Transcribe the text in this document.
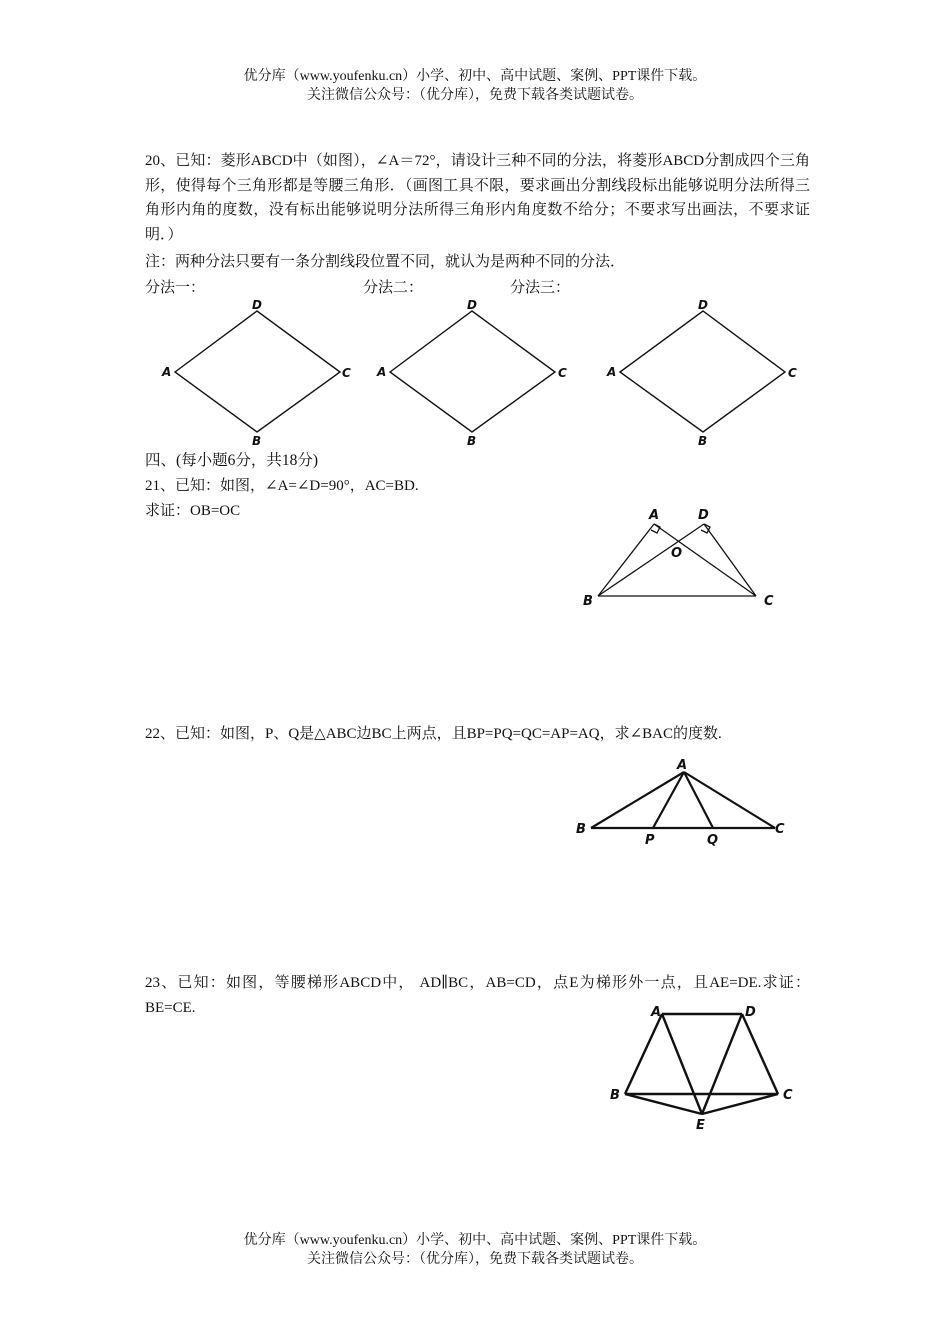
优分库（www.youfenku.cn）小学、初中、高中试题、案例、PPT课件下载。
关注微信公众号：（优分库），免费下载各类试题试卷。
20、已知：菱形ABCD中（如图），∠A＝72°，请设计三种不同的分法，将菱形ABCD分割成四个三角形，使得每个三角形都是等腰三角形．（画图工具不限，要求画出分割线段标出能够说明分法所得三角形内角的度数，没有标出能够说明分法所得三角形内角度数不给分；不要求写出画法，不要求证明．）
注：两种分法只要有一条分割线段位置不同，就认为是两种不同的分法．
分法一：	分法二：	分法三：
D
A	C
B
D
A	C
B
D
A	C
B
四、(每小题6分，共18分)
21、已知：如图，∠A=∠D=90°，AC=BD.
求证：OB=OC	A	D
O
B	C
22、已知：如图，P、Q是△ABC边BC上两点，且BP=PQ=QC=AP=AQ，求∠BAC的度数.
A
B
P	Q
C
23、已知：如图，等腰梯形ABCD中， AD∥BC，AB=CD，点E为梯形外一点，且AE=DE.求证：BE=CE.	A	D
B	C
E
优分库（www.youfenku.cn）小学、初中、高中试题、案例、PPT课件下载。
关注微信公众号：（优分库），免费下载各类试题试卷。
